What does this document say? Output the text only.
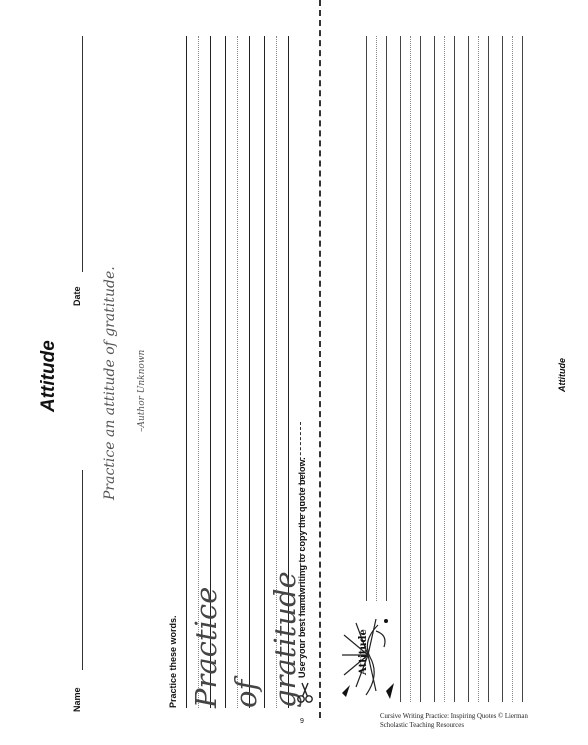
Name
Attitude
Date Practice an attitude of gratitude. –Author Unknown
Practice these words. Practice of gratitude
Use your best handwriting to copy the quote below.
9
Attitude
Attitude
Cursive Writing Practice: Inspiring Quotes © Lierman
Scholastic Teaching Resources
